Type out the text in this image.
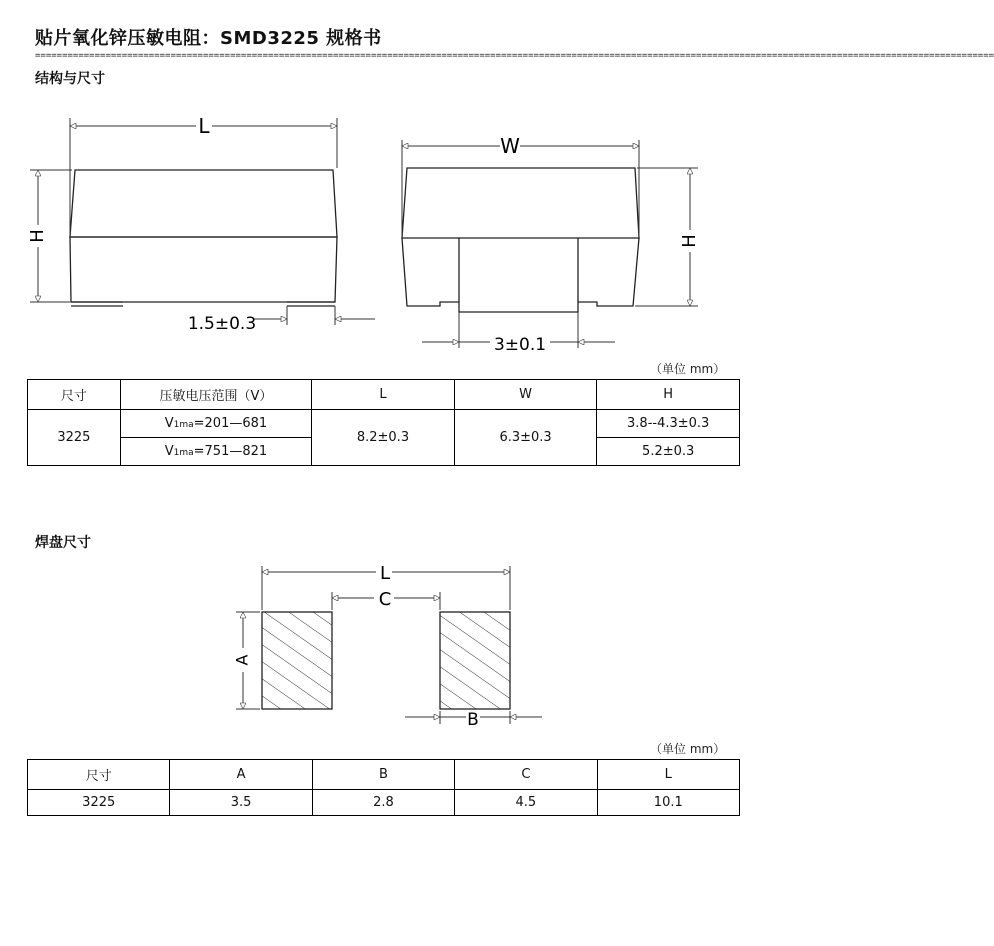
贴片氧化锌压敏电阻：SMD3225 规格书
=================================================================================================================================================================================
结构与尺寸
L
H
1.5±0.3
W
H
3±0.1
L
C
A
B
（单位 mm）
尺寸	压敏电压范围（V）	L	W	H
3225	V1ma=201—681	8.2±0.3	6.3±0.3	3.8--4.3±0.3
	V1ma=751—821			5.2±0.3
焊盘尺寸
（单位 mm）
尺寸	A	B	C	L
3225	3.5	2.8	4.5	10.1
